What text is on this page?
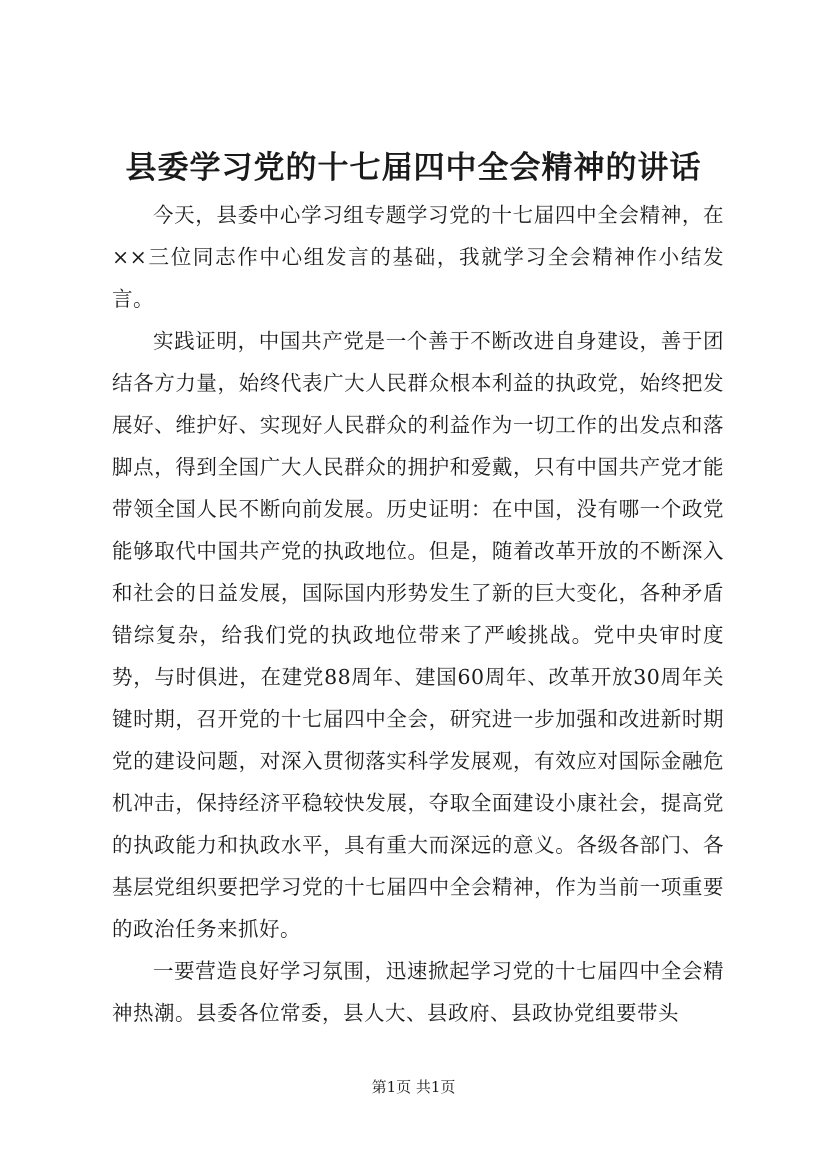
县委学习党的十七届四中全会精神的讲话

今天，县委中心学习组专题学习党的十七届四中全会精神，在××三位同志作中心组发言的基础，我就学习全会精神作小结发言。

实践证明，中国共产党是一个善于不断改进自身建设，善于团结各方力量，始终代表广大人民群众根本利益的执政党，始终把发展好、维护好、实现好人民群众的利益作为一切工作的出发点和落脚点，得到全国广大人民群众的拥护和爱戴，只有中国共产党才能带领全国人民不断向前发展。历史证明：在中国，没有哪一个政党能够取代中国共产党的执政地位。但是，随着改革开放的不断深入和社会的日益发展，国际国内形势发生了新的巨大变化，各种矛盾错综复杂，给我们党的执政地位带来了严峻挑战。党中央审时度势，与时俱进，在建党88周年、建国60周年、改革开放30周年关键时期，召开党的十七届四中全会，研究进一步加强和改进新时期党的建设问题，对深入贯彻落实科学发展观，有效应对国际金融危机冲击，保持经济平稳较快发展，夺取全面建设小康社会，提高党的执政能力和执政水平，具有重大而深远的意义。各级各部门、各基层党组织要把学习党的十七届四中全会精神，作为当前一项重要的政治任务来抓好。

一要营造良好学习氛围，迅速掀起学习党的十七届四中全会精神热潮。县委各位常委，县人大、县政府、县政协党组要带头

第1页 共1页
